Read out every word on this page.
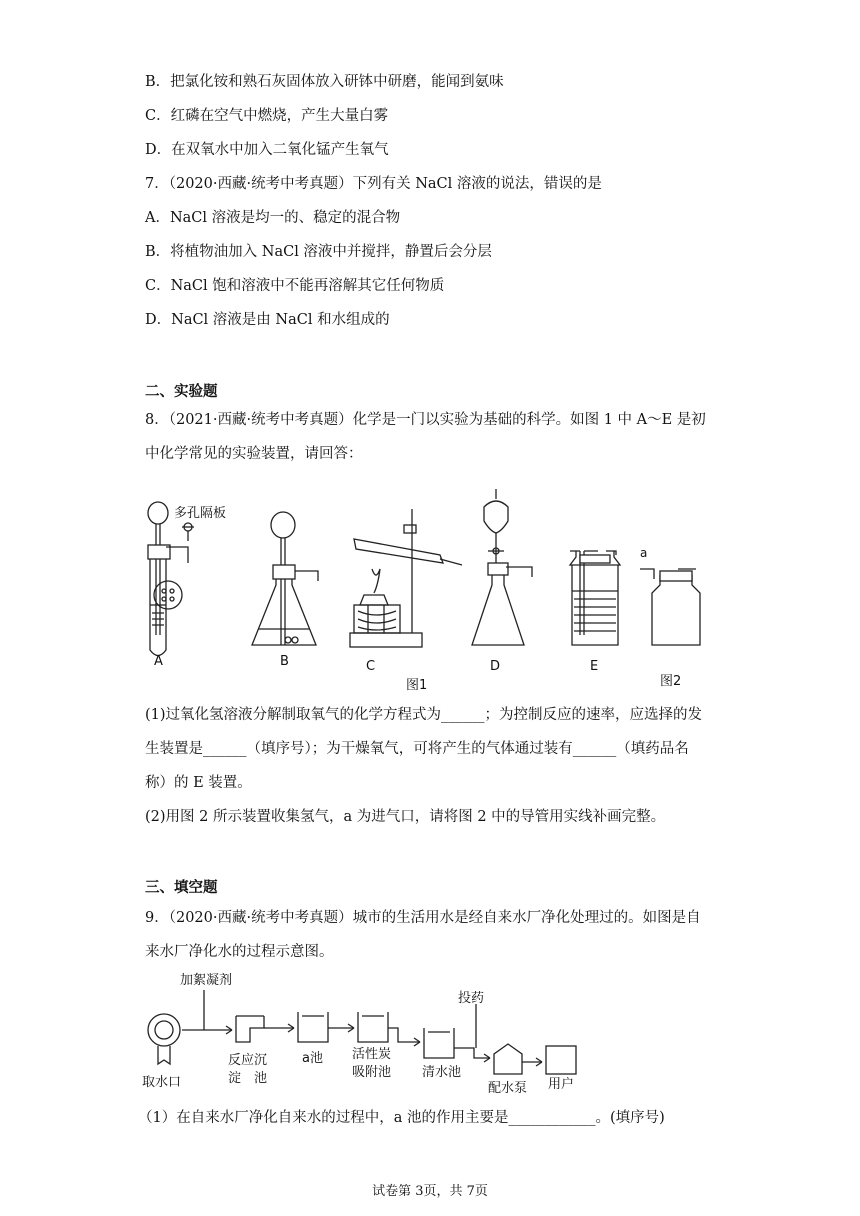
B．把氯化铵和熟石灰固体放入研钵中研磨，能闻到氨味
C．红磷在空气中燃烧，产生大量白雾
D．在双氧水中加入二氧化锰产生氧气
7．（2020·西藏·统考中考真题）下列有关 NaCl 溶液的说法，错误的是
A．NaCl 溶液是均一的、稳定的混合物
B．将植物油加入 NaCl 溶液中并搅拌，静置后会分层
C．NaCl 饱和溶液中不能再溶解其它任何物质
D．NaCl 溶液是由 NaCl 和水组成的
二、实验题
8．（2021·西藏·统考中考真题）化学是一门以实验为基础的科学。如图 1 中 A～E 是初
中化学常见的实验装置，请回答：
多孔隔板
A	B	C	D	E
a
图1	图2
(1)过氧化氢溶液分解制取氧气的化学方程式为______；为控制反应的速率，应选择的发
生装置是______（填序号）；为干燥氧气，可将产生的气体通过装有______（填药品名
称）的 E 装置。
(2)用图 2 所示装置收集氢气，a 为进气口，请将图 2 中的导管用实线补画完整。
三、填空题
9．（2020·西藏·统考中考真题）城市的生活用水是经自来水厂净化处理过的。如图是自
来水厂净化水的过程示意图。
加絮凝剂
取水口
反应沉
淀　池
a池 活性炭
吸附池 清水池
投药
配水泵 用户
（1）在自来水厂净化自来水的过程中，a 池的作用主要是____________。(填序号)
试卷第 3页，共 7页
